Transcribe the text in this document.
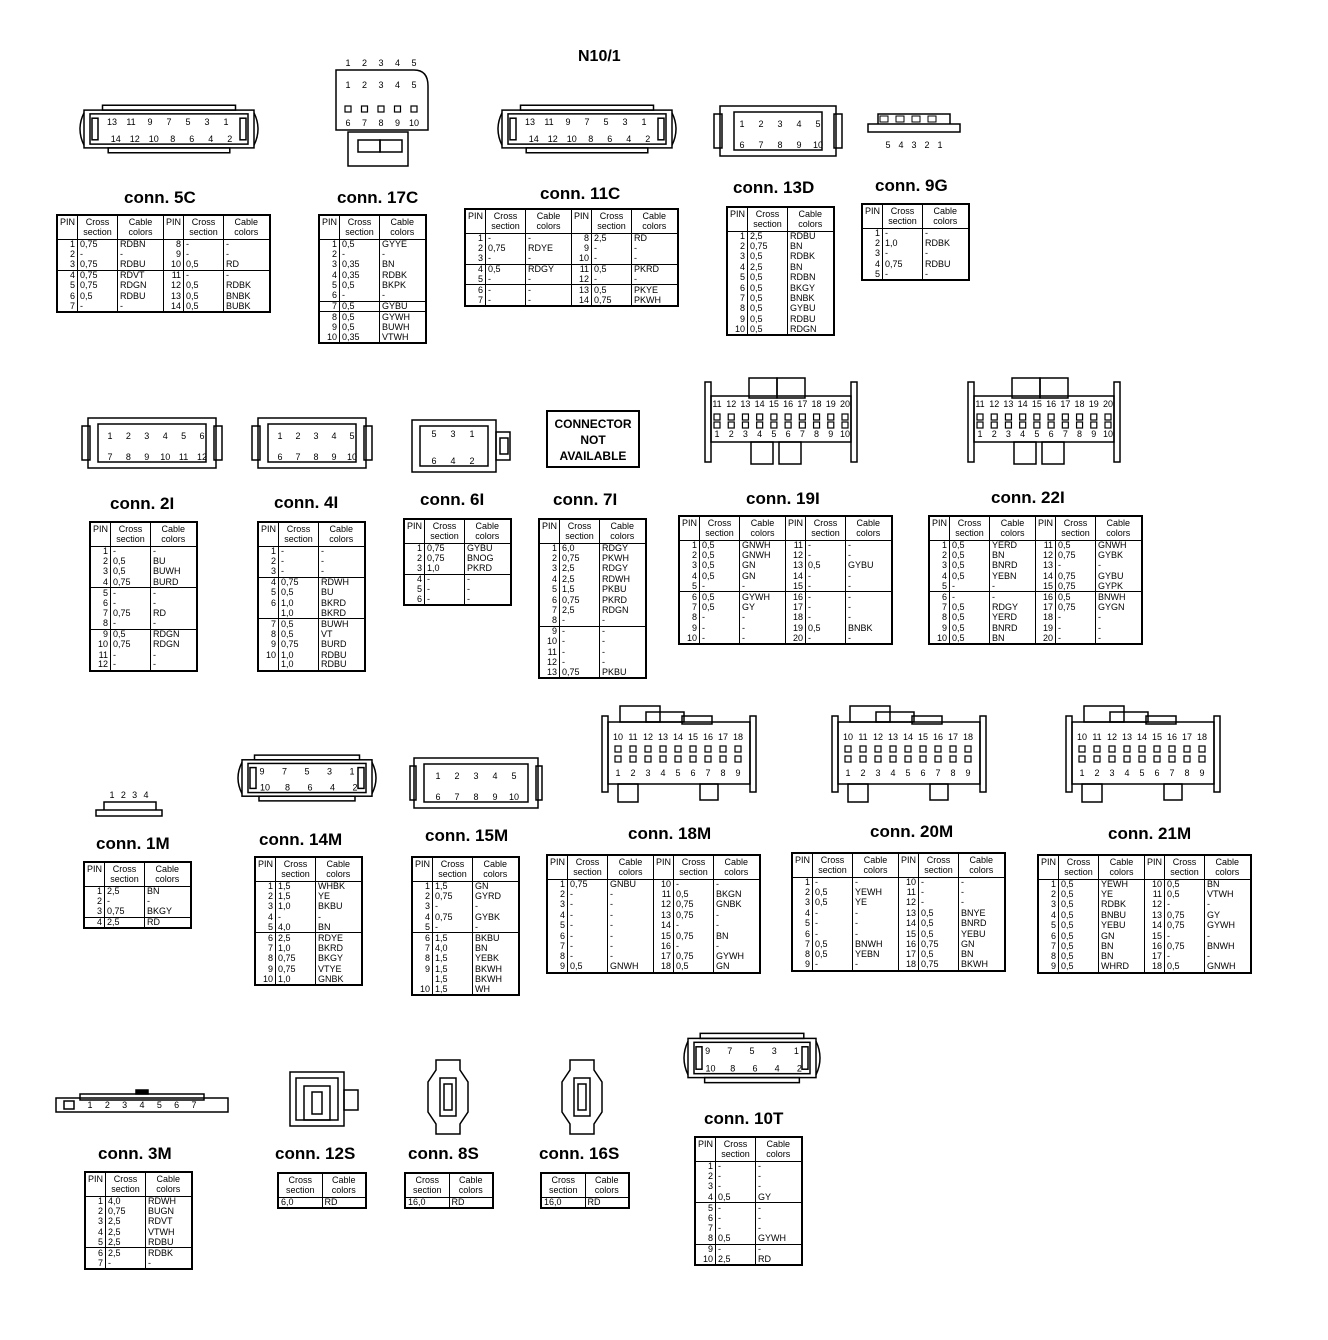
N10/1
CONNECTOR
NOT
AVAILABLE
PIN	Cross section	Cable colors	PIN	Cross section	Cable colors
1	0,75	RDBN	8	-	-
2	-	-	9	-	-
3	0,75	RDBU	10	0,5	RD
4	0,75	RDVT	11	-	-
5	0,75	RDGN	12	0,5	RDBK
6	0,5	RDBU	13	0,5	BNBK
7	-	-	14	0,5	BUBK
PIN	Cross section	Cable colors
1	0,5	GYYE
2	-	-
3	0,35	BN
4	0,35	RDBK
5	0,5	BKPK
6	-	-
7	0,5	GYBU
8	0,5	GYWH
9	0,5	BUWH
10	0,35	VTWH
PIN	Cross section	Cable colors	PIN	Cross section	Cable colors
1	-	-	8	2,5	RD
2	0,75	RDYE	9	-	-
3	-	-	10	-	-
4	0,5	RDGY	11	0,5	PKRD
5	-	-	12	-	-
6	-	-	13	0,5	PKYE
7	-	-	14	0,75	PKWH
PIN	Cross section	Cable colors
1	2,5	RDBU
2	0,75	BN
3	0,5	RDBK
4	2,5	BN
5	0,5	RDBN
6	0,5	BKGY
7	0,5	BNBK
8	0,5	GYBU
9	0,5	RDBU
10	0,5	RDGN
PIN	Cross section	Cable colors
1	-	-
2	1,0	RDBK
3	-	-
4	0,75	RDBU
5	-	-
PIN	Cross section	Cable colors
1	-	-
2	0,5	BU
3	0,5	BUWH
4	0,75	BURD
5	-	-
6	-	-
7	0,75	RD
8	-	-
9	0,5	RDGN
10	0,75	RDGN
11	-	-
12	-	-
PIN	Cross section	Cable colors
1	-	-
2	-	-
3	-	-
4	0,75	RDWH
5	0,5	BU
6	1,0	BKRD
	1,0	BKRD
7	0,5	BUWH
8	0,5	VT
9	0,75	BURD
10	1,0	RDBU
	1,0	RDBU
PIN	Cross section	Cable colors
1	0,75	GYBU
2	0,75	BNOG
3	1,0	PKRD
4	-	-
5	-	-
6	-	-
PIN	Cross section	Cable colors
1	6,0	RDGY
2	0,75	PKWH
3	2,5	RDGY
4	2,5	RDWH
5	1,5	PKBU
6	0,75	PKRD
7	2,5	RDGN
8	-	-
9	-	-
10	-	-
11	-	-
12	-	-
13	0,75	PKBU
PIN	Cross section	Cable colors	PIN	Cross section	Cable colors
1	0,5	GNWH	11	-	-
2	0,5	GNWH	12	-	-
3	0,5	GN	13	0,5	GYBU
4	0,5	GN	14	-	-
5	-	-	15	-	-
6	0,5	GYWH	16	-	-
7	0,5	GY	17	-	-
8	-	-	18	-	-
9	-	-	19	0,5	BNBK
10	-	-	20	-	-
PIN	Cross section	Cable colors	PIN	Cross section	Cable colors
1	0,5	YERD	11	0,5	GNWH
2	0,5	BN	12	0,75	GYBK
3	0,5	BNRD	13	-	-
4	0,5	YEBN	14	0,75	GYBU
5	-	-	15	0,75	GYPK
6	-	-	16	0,5	BNWH
7	0,5	RDGY	17	0,75	GYGN
8	0,5	YERD	18	-	-
9	0,5	BNRD	19	-	-
10	0,5	BN	20	-	-
PIN	Cross section	Cable colors
1	2,5	BN
2	-	-
3	0,75	BKGY
4	2,5	RD
PIN	Cross section	Cable colors
1	1,5	WHBK
2	1,5	YE
3	1,0	BKBU
4	-	-
5	4,0	BN
6	2,5	RDYE
7	1,0	BKRD
8	0,75	BKGY
9	0,75	VTYE
10	1,0	GNBK
PIN	Cross section	Cable colors
1	1,5	GN
2	0,75	GYRD
3	-	-
4	0,75	GYBK
5	-	-
6	1,5	BKBU
7	4,0	BN
8	1,5	YEBK
9	1,5	BKWH
	1,5	BKWH
10	1,5	WH
PIN	Cross section	Cable colors	PIN	Cross section	Cable colors
1	0,75	GNBU	10	-	-
2	-	-	11	0,5	BKGN
3	-	-	12	0,75	GNBK
4	-	-	13	0,75	-
5	-	-	14	-	-
6	-	-	15	0,75	BN
7	-	-	16	-	-
8	-	-	17	0,75	GYWH
9	0,5	GNWH	18	0,5	GN
PIN	Cross section	Cable colors	PIN	Cross section	Cable colors
1	-	-	10	-	-
2	0,5	YEWH	11	-	-
3	0,5	YE	12	-	-
4	-	-	13	0,5	BNYE
5	-	-	14	0,5	BNRD
6	-	-	15	0,5	YEBU
7	0,5	BNWH	16	0,75	GN
8	0,5	YEBN	17	0,5	BN
9	-	-	18	0,75	BKWH
PIN	Cross section	Cable colors	PIN	Cross section	Cable colors
1	0,5	YEWH	10	0,5	BN
2	0,5	YE	11	0,5	VTWH
3	0,5	RDBK	12	-	-
4	0,5	BNBU	13	0,75	GY
5	0,5	YEBU	14	0,75	GYWH
6	0,5	GN	15	-	-
7	0,5	BN	16	0,75	BNWH
8	0,5	BN	17	-	-
9	0,5	WHRD	18	0,5	GNWH
PIN	Cross section	Cable colors
1	4,0	RDWH
2	0,75	BUGN
3	2,5	RDVT
4	2,5	VTWH
5	2,5	RDBU
6	2,5	RDBK
7	-	-
Cross section	Cable colors
6,0	RD
Cross section	Cable colors
16,0	RD
Cross section	Cable colors
16,0	RD
PIN	Cross section	Cable colors
1	-	-
2	-	-
3	-	-
4	0,5	GY
5	-	-
6	-	-
7	-	-
8	0,5	GYWH
9	-	-
10	2,5	RD
13 11 9 7 5 3 1
14 12 10 8 6 4 2
13 11 9 7 5 3 1
14 12 10 8 6 4 2
9 7 5 3 1
10 8 6 4 2
9 7 5 3 1
10 8 6 4 2
1 2 3 4 5
1 2 3 4 5
6 7 8 9 10	1 2 3 4 5
6 7 8 9 10	5 4 3 2 1
1 2 3 4 5 6
7 8 9 10 11 12
1 2 3 4 5
6 7 8 9 10
5 3 1
6 4 2
11 12 13 14 15 16 17 18 19 20
1 2 3 4 5 6 7 8 9 10
11 12 13 14 15 16 17 18 19 20
1 2 3 4 5 6 7 8 9 10
1 2 3 4
1 2 3 4 5
6 7 8 9 10
10 11 12 13 14 15 16 17 18
1 2 3 4 5 6 7 8 9
10 11 12 13 14 15 16 17 18
1 2 3 4 5 6 7 8 9
10 11 12 13 14 15 16 17 18
1 2 3 4 5 6 7 8 9
1 2 3 4 5 6 7
conn. 5C	conn. 17C	conn. 11C	conn. 13D	conn. 9G
conn. 2I	conn. 4I	conn. 6I	conn. 7I	conn. 19I	conn. 22I
conn. 1M	conn. 14M	conn. 15M	conn. 18M	conn. 20M	conn. 21M
conn. 3M	conn. 12S	conn. 8S	conn. 16S
conn. 10T
